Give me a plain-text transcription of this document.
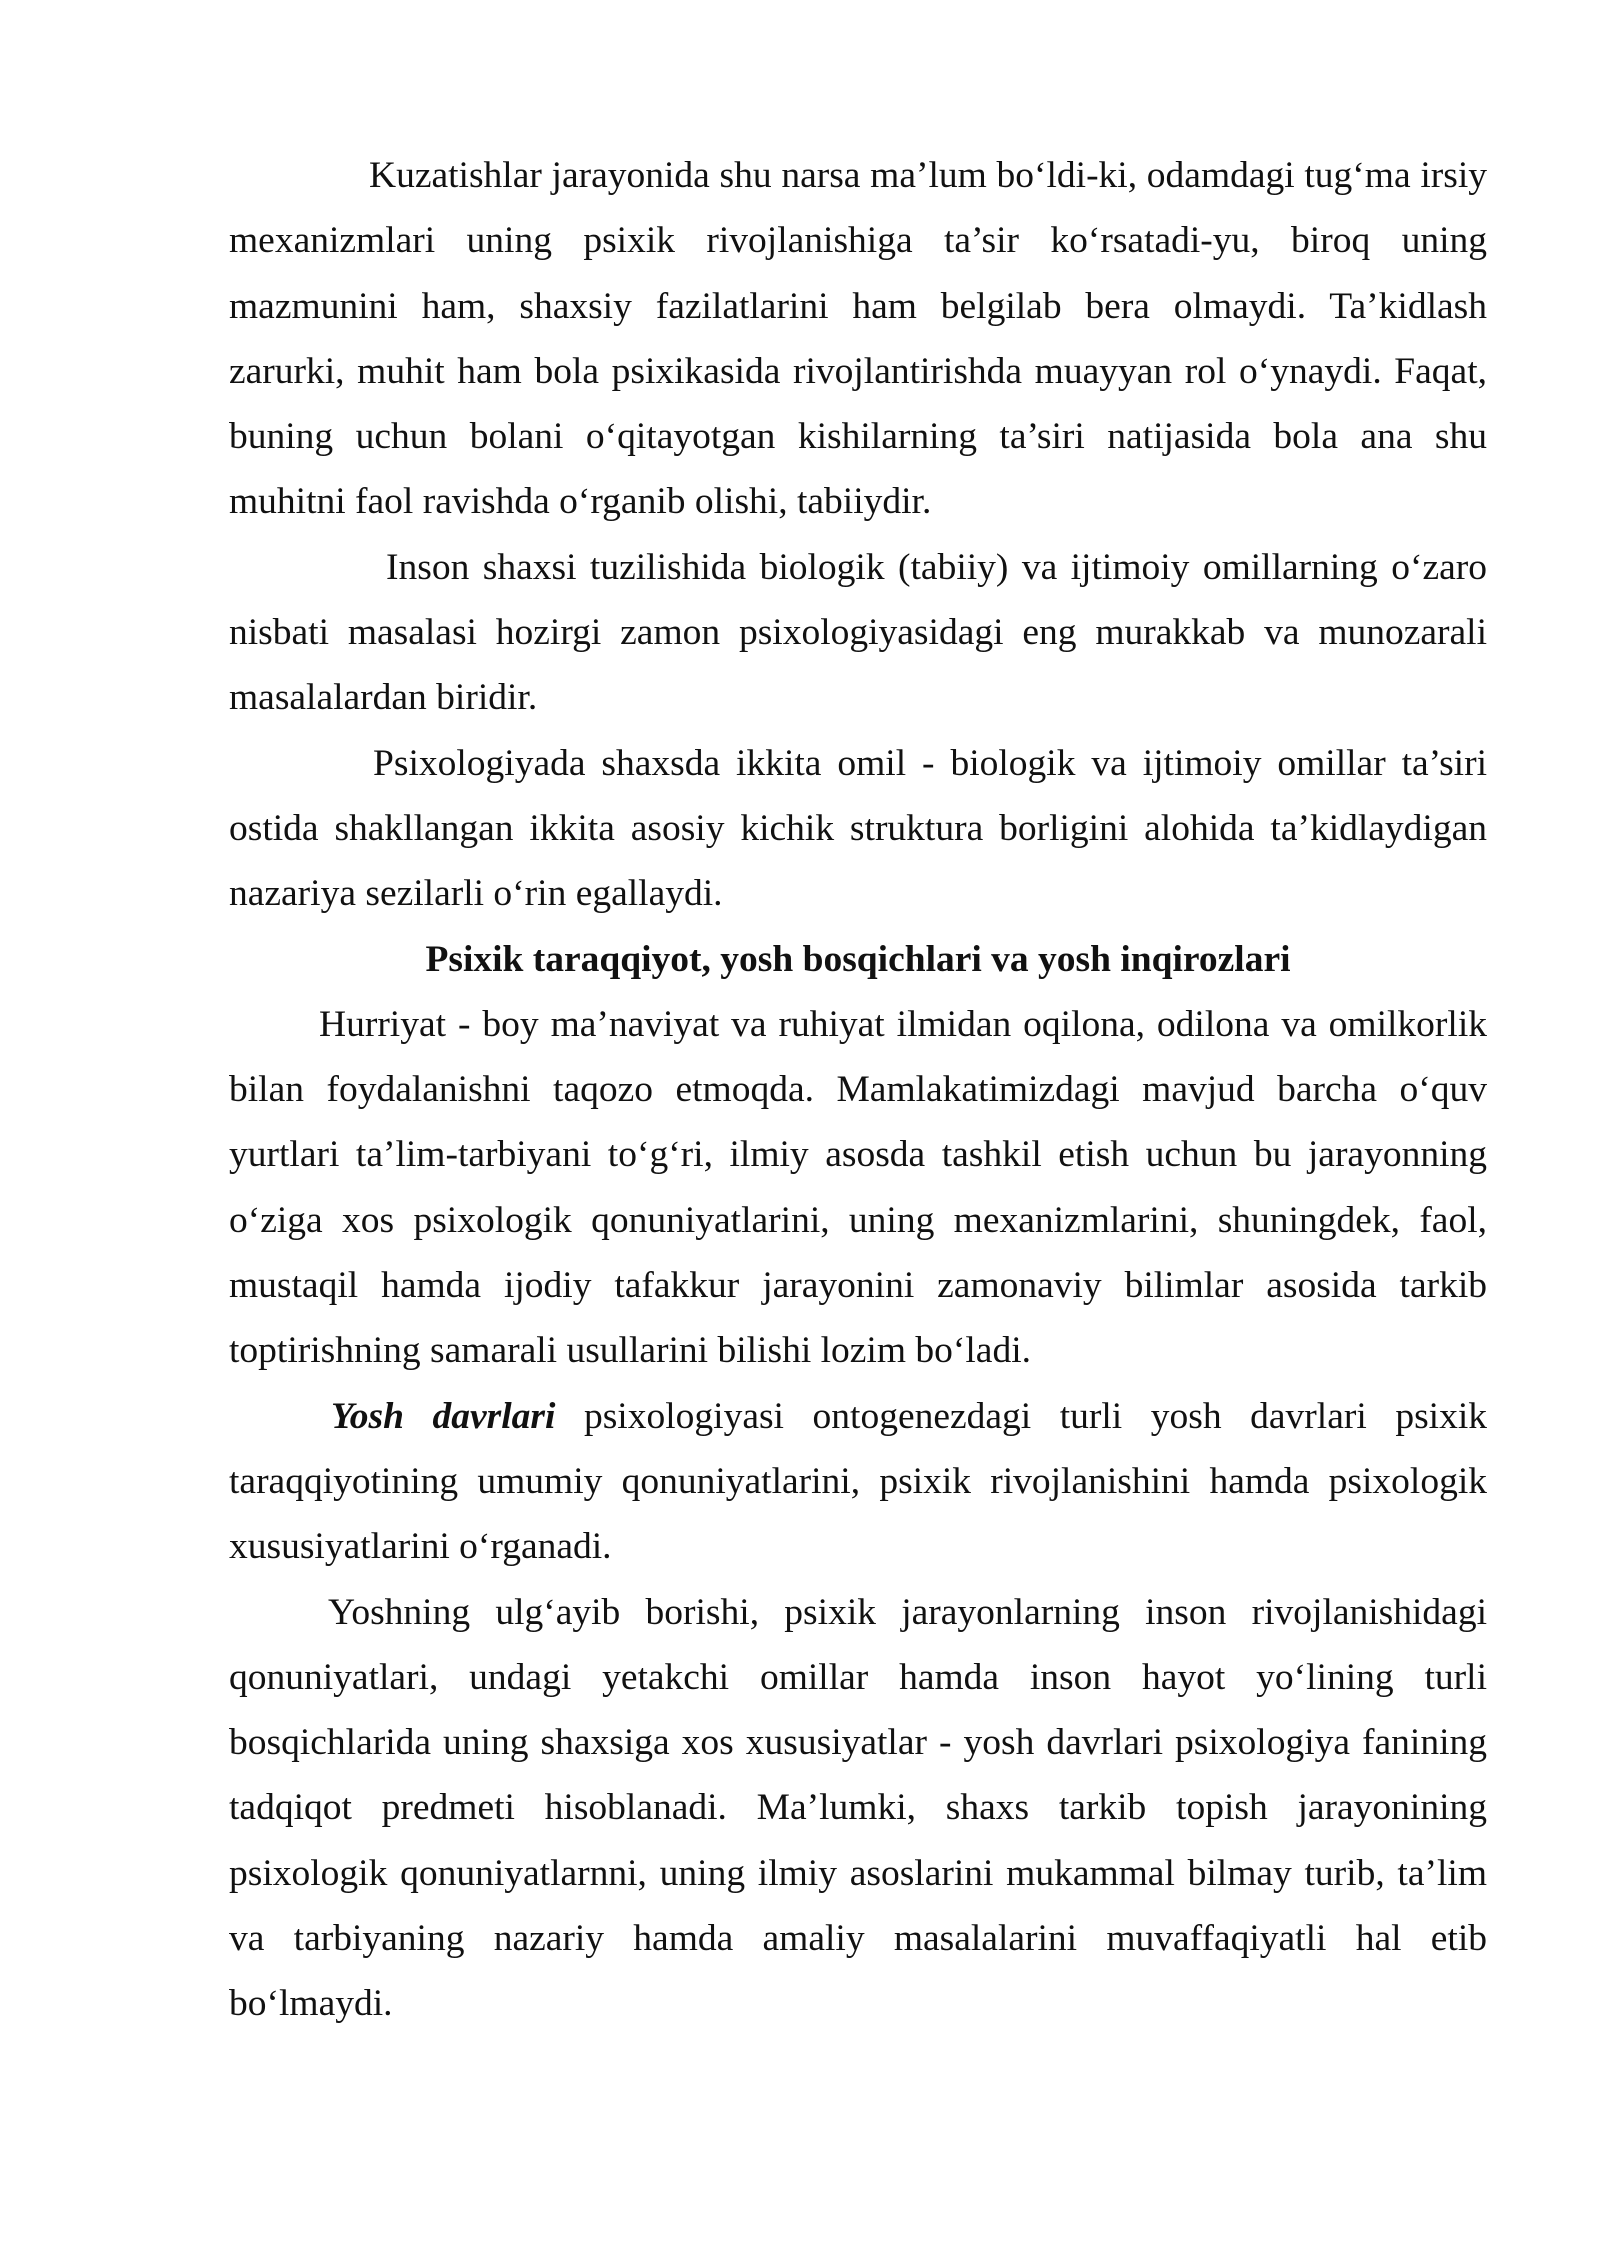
Kuzatishlar jarayonida shu narsa ma’lum bo‘ldi-ki, odamdagi tug‘ma irsiy mexanizmlari uning psixik rivojlanishiga ta’sir ko‘rsatadi-yu, biroq uning mazmunini ham, shaxsiy fazilatlarini ham belgilab bera olmaydi. Ta’kidlash zarurki, muhit ham bola psixikasida rivojlantirishda muayyan rol o‘ynaydi. Faqat, buning uchun bolani o‘qitayotgan kishilarning ta’siri natijasida bola ana shu muhitni faol ravishda o‘rganib olishi, tabiiydir.

Inson shaxsi tuzilishida biologik (tabiiy) va ijtimoiy omillarning o‘zaro nisbati masalasi hozirgi zamon psixologiyasidagi eng murakkab va munozarali masalalardan biridir.

Psixologiyada shaxsda ikkita omil - biologik va ijtimoiy omillar ta’siri ostida shakllangan ikkita asosiy kichik struktura borligini alohida ta’kidlaydigan nazariya sezilarli o‘rin egallaydi.

Psixik taraqqiyot, yosh bosqichlari va yosh inqirozlari

Hurriyat - boy ma’naviyat va ruhiyat ilmidan oqilona, odilona va omilkorlik bilan foydalanishni taqozo etmoqda. Mamlakatimizdagi mavjud barcha o‘quv yurtlari ta’lim-tarbiyani to‘g‘ri, ilmiy asosda tashkil etish uchun bu jarayonning o‘ziga xos psixologik qonuniyatlarini, uning mexanizmlarini, shuningdek, faol, mustaqil hamda ijodiy tafakkur jarayonini zamonaviy bilimlar asosida tarkib toptirishning samarali usullarini bilishi lozim bo‘ladi.

Yosh davrlari psixologiyasi ontogenezdagi turli yosh davrlari psixik taraqqiyotining umumiy qonuniyatlarini, psixik rivojlanishini hamda psixologik xususiyatlarini o‘rganadi.

Yoshning ulg‘ayib borishi, psixik jarayonlarning inson rivojlanishidagi qonuniyatlari, undagi yetakchi omillar hamda inson hayot yo‘lining turli bosqichlarida uning shaxsiga xos xususiyatlar - yosh davrlari psixologiya fanining tadqiqot predmeti hisoblanadi. Ma’lumki, shaxs tarkib topish jarayonining psixologik qonuniyatlarnni, uning ilmiy asoslarini mukammal bilmay turib, ta’lim va tarbiyaning nazariy hamda amaliy masalalarini muvaffaqiyatli hal etib bo‘lmaydi.
